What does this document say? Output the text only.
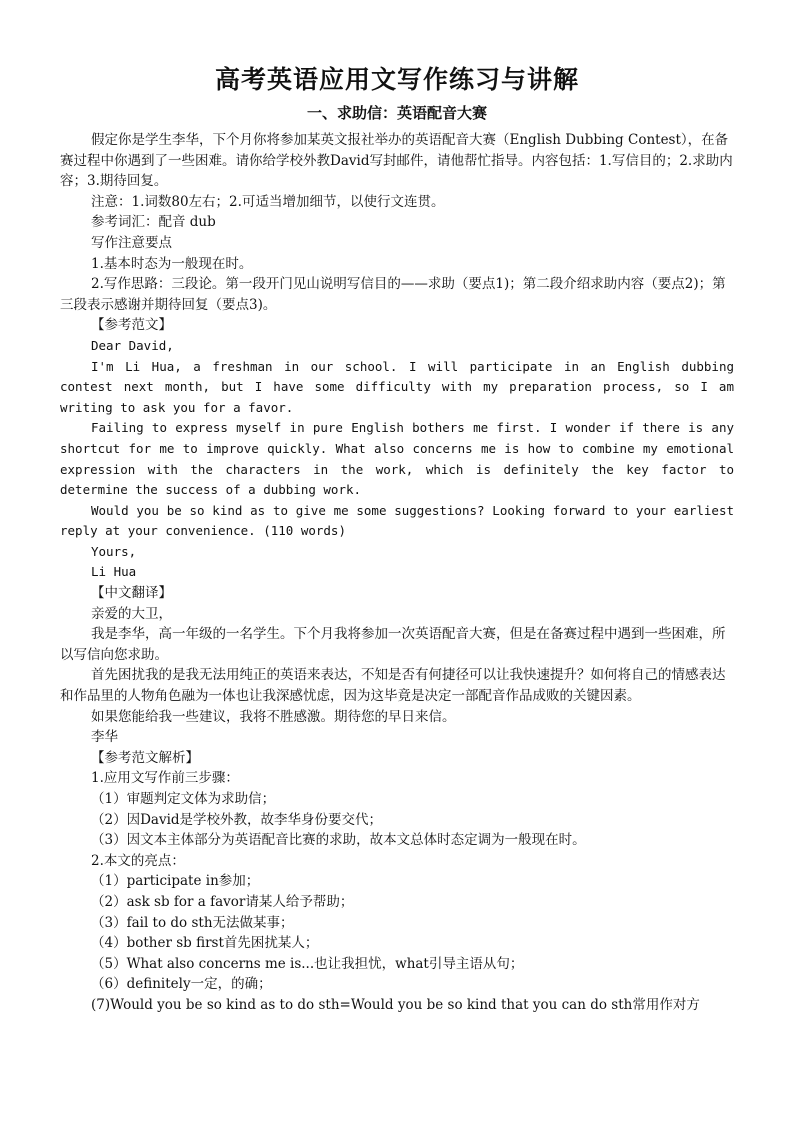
高考英语应用文写作练习与讲解
一、求助信：英语配音大赛

假定你是学生李华，下个月你将参加某英文报社举办的英语配音大赛（English Dubbing Contest），在备赛过程中你遇到了一些困难。请你给学校外教David写封邮件，请他帮忙指导。内容包括：1.写信目的；2.求助内容；3.期待回复。

注意：1.词数80左右；2.可适当增加细节，以使行文连贯。

参考词汇：配音 dub

写作注意要点

1.基本时态为一般现在时。

2.写作思路：三段论。第一段开门见山说明写信目的——求助（要点1)；第二段介绍求助内容（要点2)；第三段表示感谢并期待回复（要点3)。

【参考范文】

Dear David,

I'm Li Hua, a freshman in our school. I will participate in an English dubbing contest next month, but I have some difficulty with my preparation process, so I am writing to ask you for a favor.

Failing to express myself in pure English bothers me first. I wonder if there is any shortcut for me to improve quickly. What also concerns me is how to combine my emotional expression with the characters in the work, which is definitely the key factor to determine the success of a dubbing work.

Would you be so kind as to give me some suggestions? Looking forward to your earliest reply at your convenience. (110 words)

Yours,

Li Hua

【中文翻译】

亲爱的大卫，

我是李华，高一年级的一名学生。下个月我将参加一次英语配音大赛，但是在备赛过程中遇到一些困难，所以写信向您求助。

首先困扰我的是我无法用纯正的英语来表达，不知是否有何捷径可以让我快速提升？如何将自己的情感表达和作品里的人物角色融为一体也让我深感忧虑，因为这毕竟是决定一部配音作品成败的关键因素。

如果您能给我一些建议，我将不胜感激。期待您的早日来信。

李华

【参考范文解析】

1.应用文写作前三步骤：

（1）审题判定文体为求助信；

（2）因David是学校外教，故李华身份要交代；

（3）因文本主体部分为英语配音比赛的求助，故本文总体时态定调为一般现在时。

2.本文的亮点：

（1）participate in参加；

（2）ask sb for a favor请某人给予帮助；

（3）fail to do sth无法做某事；

（4）bother sb first首先困扰某人；

（5）What also concerns me is...也让我担忧，what引导主语从句；

（6）definitely一定，的确；

(7)Would you be so kind as to do sth=Would you be so kind that you can do sth常用作对方
